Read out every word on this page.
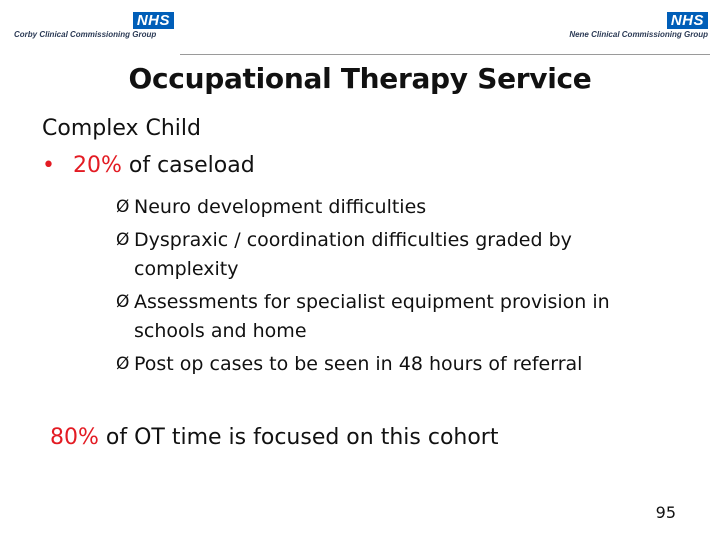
NHS
Corby Clinical Commissioning Group
NHS
Nene Clinical Commissioning Group
Occupational Therapy Service

Complex Child

• 20% of caseload
Ø Neuro development difficulties
Ø Dyspraxic / coordination difficulties graded by complexity
Ø Assessments for specialist equipment provision in schools and home
Ø Post op cases to be seen in 48 hours of referral
80% of OT time is focused on this cohort
95
